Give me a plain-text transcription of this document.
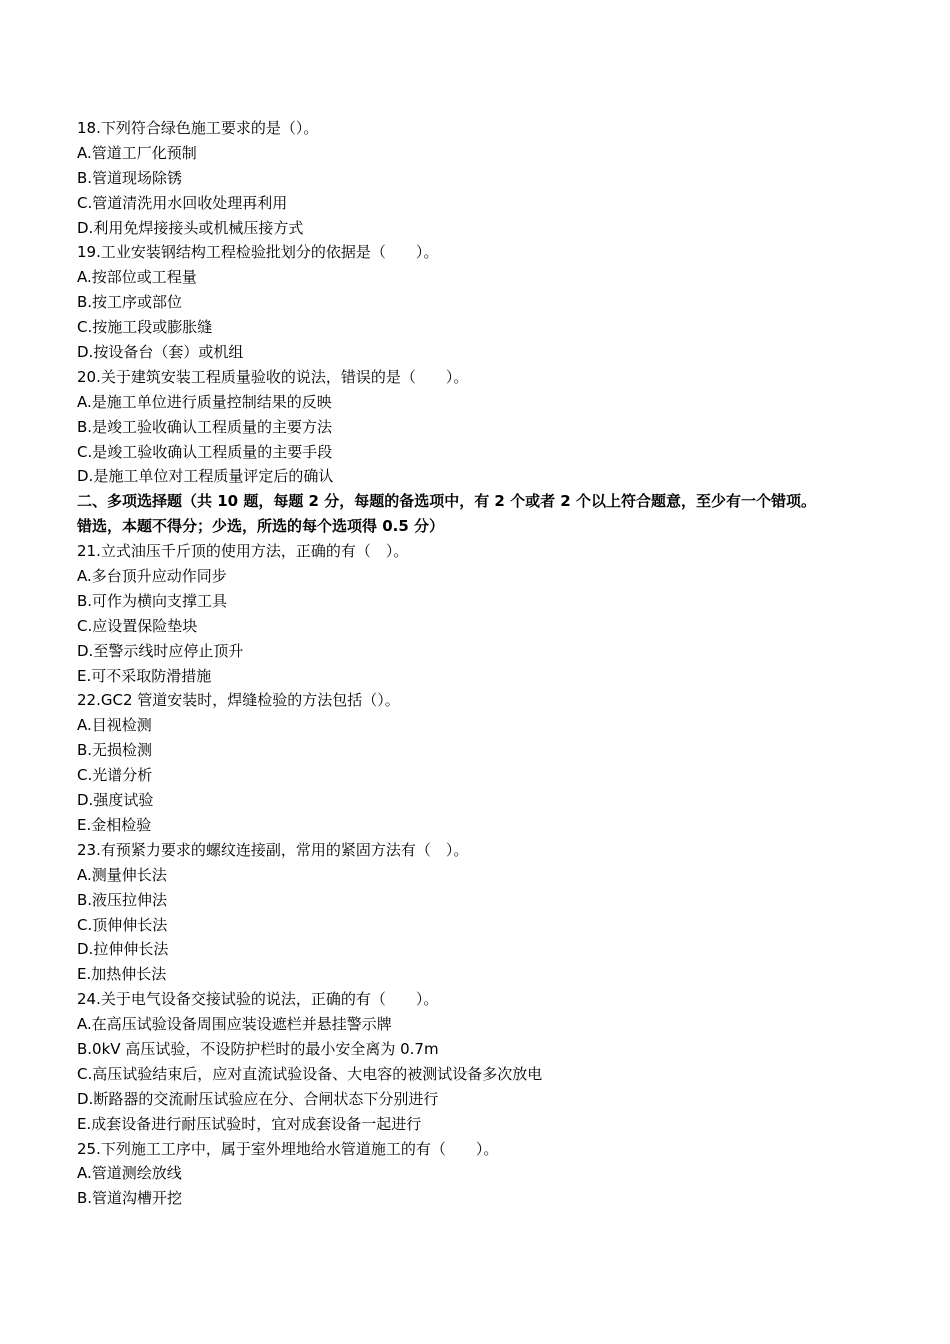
18.下列符合绿色施工要求的是（）。
A.管道工厂化预制
B.管道现场除锈
C.管道清洗用水回收处理再利用
D.利用免焊接接头或机械压接方式
19.工业安装钢结构工程检验批划分的依据是（　　）。
A.按部位或工程量
B.按工序或部位
C.按施工段或膨胀缝
D.按设备台（套）或机组
20.关于建筑安装工程质量验收的说法，错误的是（　　）。
A.是施工单位进行质量控制结果的反映
B.是竣工验收确认工程质量的主要方法
C.是竣工验收确认工程质量的主要手段
D.是施工单位对工程质量评定后的确认
二、多项选择题（共 10 题，每题 2 分，每题的备选项中，有 2 个或者 2 个以上符合题意，至少有一个错项。
错选，本题不得分；少选，所选的每个选项得 0.5 分）
21.立式油压千斤顶的使用方法，正确的有（　）。
A.多台顶升应动作同步
B.可作为横向支撑工具
C.应设置保险垫块
D.至警示线时应停止顶升
E.可不采取防滑措施
22.GC2 管道安装时，焊缝检验的方法包括（）。
A.目视检测
B.无损检测
C.光谱分析
D.强度试验
E.金相检验
23.有预紧力要求的螺纹连接副，常用的紧固方法有（　）。
A.测量伸长法
B.液压拉伸法
C.顶伸伸长法
D.拉伸伸长法
E.加热伸长法
24.关于电气设备交接试验的说法，正确的有（　　）。
A.在高压试验设备周围应装设遮栏并悬挂警示牌
B.0kV 高压试验，不设防护栏时的最小安全离为 0.7m
C.高压试验结束后，应对直流试验设备、大电容的被测试设备多次放电
D.断路器的交流耐压试验应在分、合闸状态下分别进行
E.成套设备进行耐压试验时，宜对成套设备一起进行
25.下列施工工序中，属于室外埋地给水管道施工的有（　　）。
A.管道测绘放线
B.管道沟槽开挖
